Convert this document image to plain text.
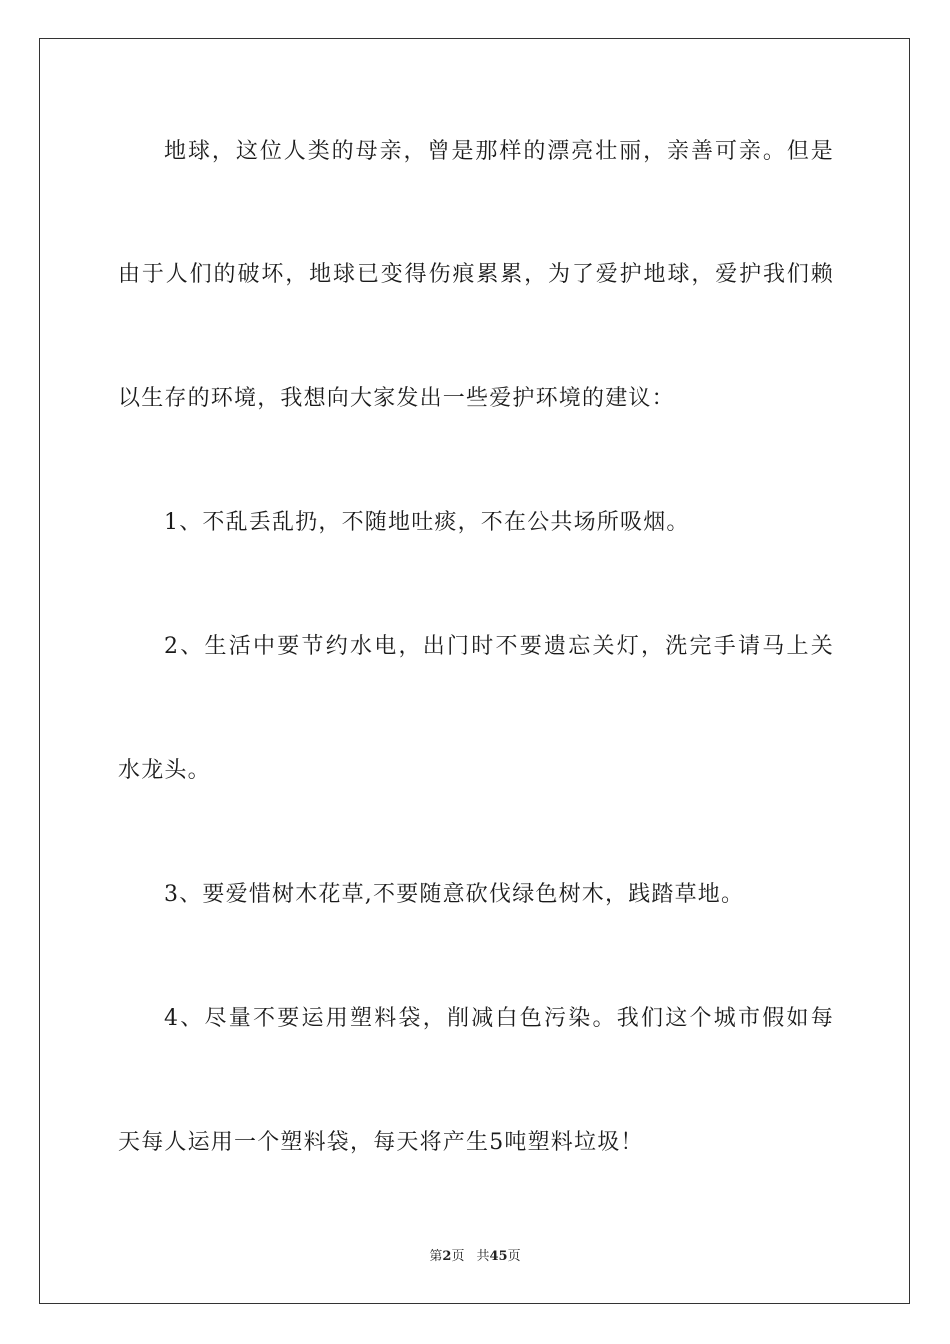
地球，这位人类的母亲，曾是那样的漂亮壮丽，亲善可亲。但是
由于人们的破坏，地球已变得伤痕累累，为了爱护地球，爱护我们赖
以生存的环境，我想向大家发出一些爱护环境的建议：
1、不乱丢乱扔，不随地吐痰，不在公共场所吸烟。
2、生活中要节约水电，出门时不要遗忘关灯，洗完手请马上关
水龙头。
3、要爱惜树木花草,不要随意砍伐绿色树木，践踏草地。
4、尽量不要运用塑料袋，削减白色污染。我们这个城市假如每
天每人运用一个塑料袋，每天将产生5吨塑料垃圾！
第2页 共45页
